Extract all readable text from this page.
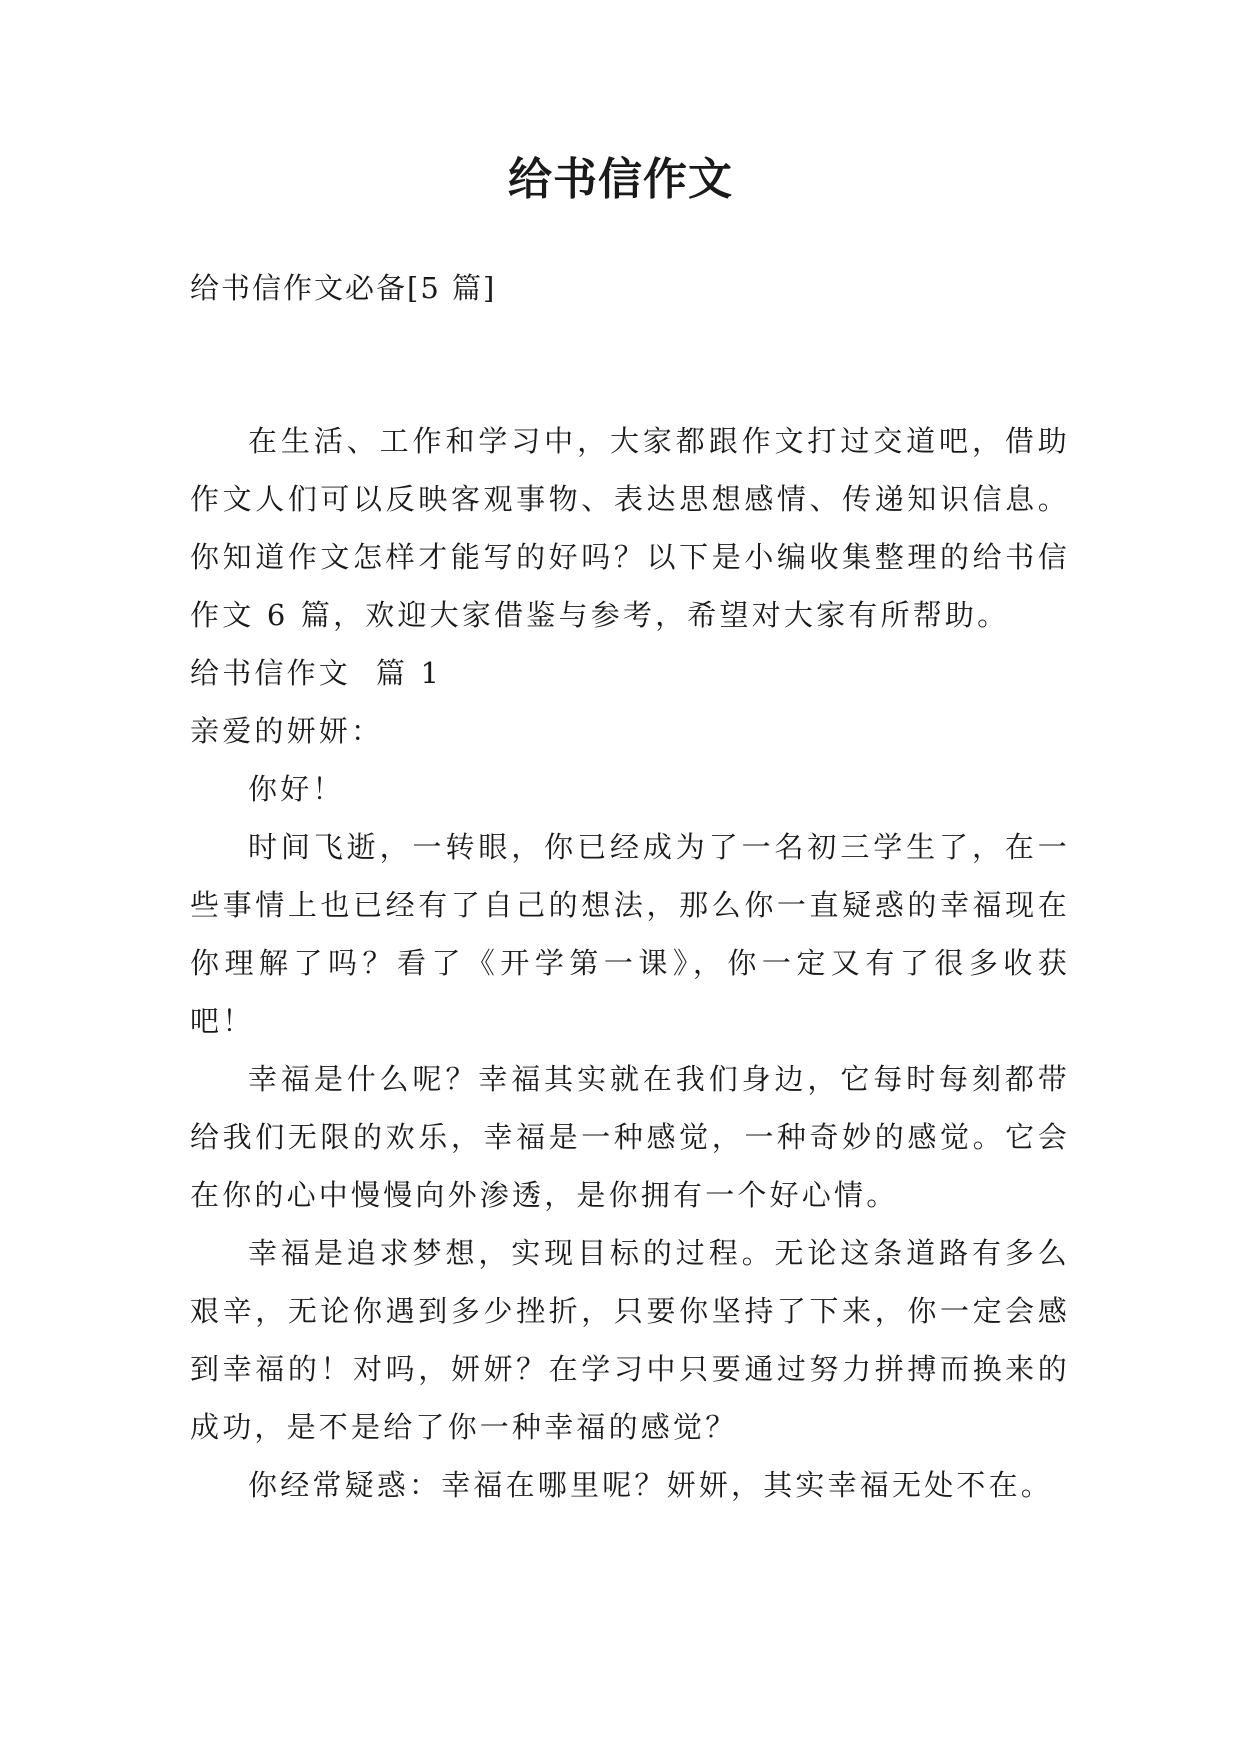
给书信作文
给书信作文必备[5 篇]

在生活、工作和学习中，大家都跟作文打过交道吧，借助作文人们可以反映客观事物、表达思想感情、传递知识信息。你知道作文怎样才能写的好吗？以下是小编收集整理的给书信作文 6 篇，欢迎大家借鉴与参考，希望对大家有所帮助。

给书信作文  篇 1

亲爱的妍妍：

你好！

时间飞逝，一转眼，你已经成为了一名初三学生了，在一些事情上也已经有了自己的想法，那么你一直疑惑的幸福现在你理解了吗？看了《开学第一课》，你一定又有了很多收获吧！

幸福是什么呢？幸福其实就在我们身边，它每时每刻都带给我们无限的欢乐，幸福是一种感觉，一种奇妙的感觉。它会在你的心中慢慢向外渗透，是你拥有一个好心情。

幸福是追求梦想，实现目标的过程。无论这条道路有多么艰辛，无论你遇到多少挫折，只要你坚持了下来，你一定会感到幸福的！对吗，妍妍？在学习中只要通过努力拼搏而换来的成功，是不是给了你一种幸福的感觉？

你经常疑惑：幸福在哪里呢？妍妍，其实幸福无处不在。
